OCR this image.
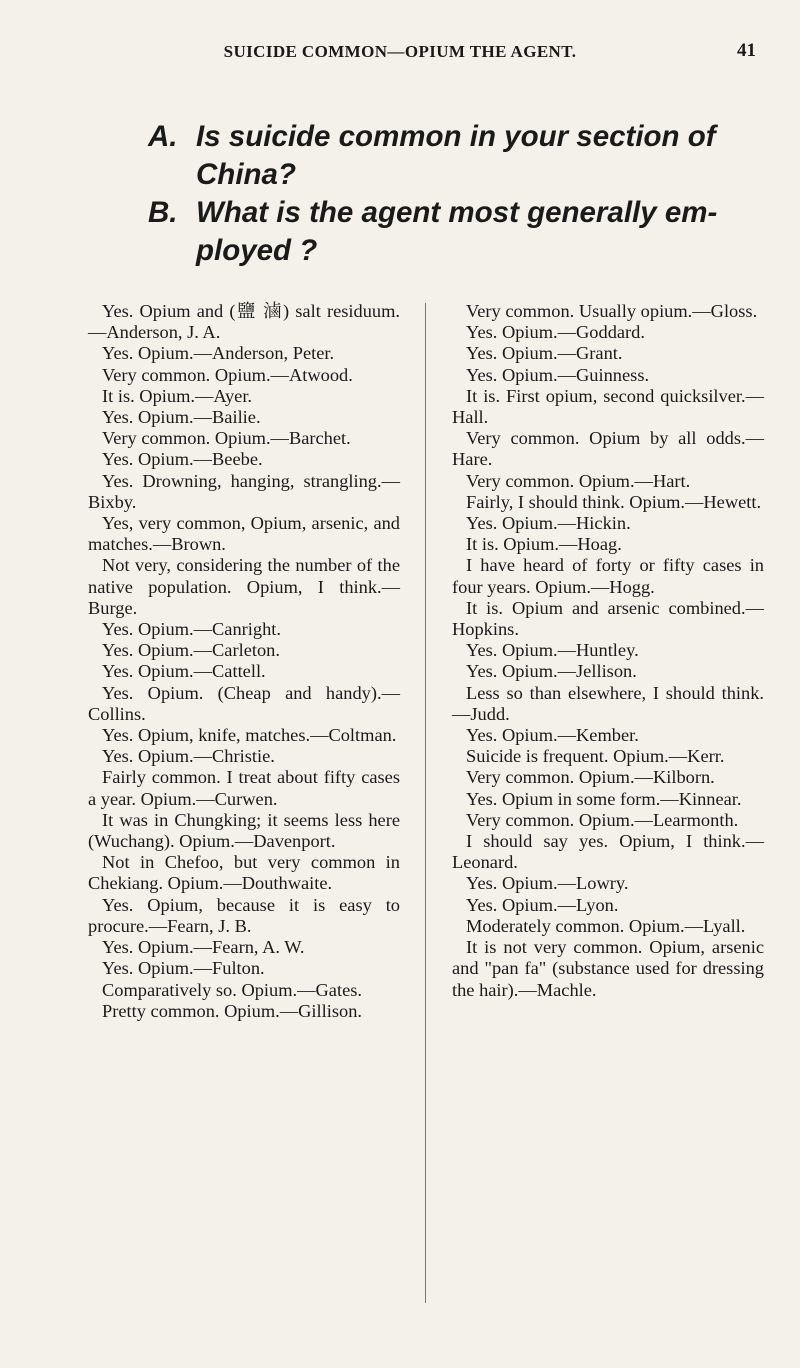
SUICIDE COMMON—OPIUM THE AGENT.	41
A. Is suicide common in your section of China?
B. What is the agent most generally em-ployed ?

Yes. Opium and (鹽 滷) salt residuum.—Anderson, J. A.

Yes. Opium.—Anderson, Peter.

Very common. Opium.—Atwood.

It is. Opium.—Ayer.

Yes. Opium.—Bailie.

Very common. Opium.—Barchet.

Yes. Opium.—Beebe.

Yes. Drowning, hanging, strangling.—Bixby.

Yes, very common, Opium, arsenic, and matches.—Brown.

Not very, considering the number of the native population. Opium, I think.—Burge.

Yes. Opium.—Canright.

Yes. Opium.—Carleton.

Yes. Opium.—Cattell.

Yes. Opium. (Cheap and handy).—Collins.

Yes. Opium, knife, matches.—Coltman.

Yes. Opium.—Christie.

Fairly common. I treat about fifty cases a year. Opium.—Curwen.

It was in Chungking; it seems less here (Wuchang). Opium.—Davenport.

Not in Chefoo, but very common in Chekiang. Opium.—Douthwaite.

Yes. Opium, because it is easy to procure.—Fearn, J. B.

Yes. Opium.—Fearn, A. W.

Yes. Opium.—Fulton.

Comparatively so. Opium.—Gates.

Pretty common. Opium.—Gillison.

Very common. Usually opium.—Gloss.

Yes. Opium.—Goddard.

Yes. Opium.—Grant.

Yes. Opium.—Guinness.

It is. First opium, second quicksilver.—Hall.

Very common. Opium by all odds.—Hare.

Very common. Opium.—Hart.

Fairly, I should think. Opium.—Hewett.

Yes. Opium.—Hickin.

It is. Opium.—Hoag.

I have heard of forty or fifty cases in four years. Opium.—Hogg.

It is. Opium and arsenic combined.—Hopkins.

Yes. Opium.—Huntley.

Yes. Opium.—Jellison.

Less so than elsewhere, I should think.—Judd.

Yes. Opium.—Kember.

Suicide is frequent. Opium.—Kerr.

Very common. Opium.—Kilborn.

Yes. Opium in some form.—Kinnear.

Very common. Opium.—Learmonth.

I should say yes. Opium, I think.—Leonard.

Yes. Opium.—Lowry.

Yes. Opium.—Lyon.

Moderately common. Opium.—Lyall.

It is not very common. Opium, arsenic and "pan fa" (substance used for dressing the hair).—Machle.
